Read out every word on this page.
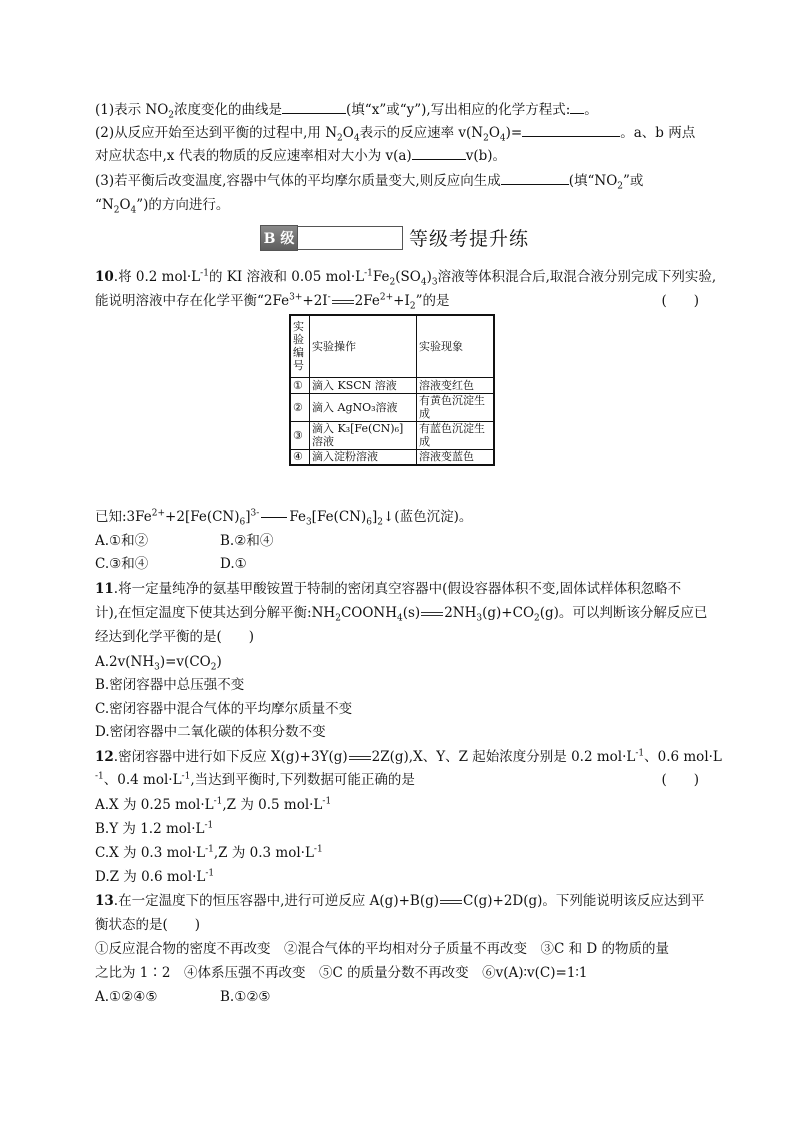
(1)表示 $NO_2$浓度变化的曲线是	(填“x”或“y”),写出相应的化学方程式: 。
(2)从反应开始至达到平衡的过程中,用 $N_2O_4$表示的反应速率 $v(N_2O_4)=$	。a、b 两点
对应状态中,x 代表的物质的反应速率相对大小为 v(a)	v(b)。
(3)若平衡后改变温度,容器中气体的平均摩尔质量变大,则反应向生成	(填“$NO_2$”或
“$N_2O_4$”)的方向进行。
B 级	等级考提升练
10.将 0.2 $mol\cdot L^{-1}$的 KI 溶液和 0.05 $mol\cdot L^{-1}Fe_2(SO_4)_3$溶液等体积混合后,取混合液分别完成下列实验,
能说明溶液中存在化学平衡“$2Fe^{3+}+2I^-$ $2Fe^{2+}+I_2$”的是	(　　)
实验编号	实验操作	实验现象
①	滴入 KSCN 溶液	溶液变红色
②	滴入 AgNO₃溶液	有黄色沉淀生成
③	滴入 K₃[Fe(CN)₆]溶液	有蓝色沉淀生成
④	滴入淀粉溶液	溶液变蓝色
已知$:3Fe^{2+}+2[Fe(CN)_6]^{3-}$ $Fe_3[Fe(CN)_6]_2↓$(蓝色沉淀)。
A.①和②	B.②和④
C.③和④	D.①
11.将一定量纯净的氨基甲酸铵置于特制的密闭真空容器中(假设容器体积不变,固体试样体积忽略不
计),在恒定温度下使其达到分解平衡$:NH_2COONH_4(s)$ $2NH_3(g)+CO_2(g)$。可以判断该分解反应已
经达到化学平衡的是(　　)
$A.2v(NH_3)=v(CO_2)$
B.密闭容器中总压强不变
C.密闭容器中混合气体的平均摩尔质量不变
D.密闭容器中二氧化碳的体积分数不变
12.密闭容器中进行如下反应 X(g)+3Y(g) 2Z(g),X、Y、Z 起始浓度分别是 0.2 $mol\cdot L^{-1}$、0.6 mol·L
$^{-1}$、0.4 $mol\cdot L^{-1}$,当达到平衡时,下列数据可能正确的是	(　　)
A.X 为 0.25 $mol\cdot L^{-1},Z$ 为 0.5 $mol\cdot L^{-1}$
B.Y 为 1.2 $mol\cdot L^{-1}$
C.X 为 0.3 $mol\cdot L^{-1},Z$ 为 0.3 $mol\cdot L^{-1}$
D.Z 为 0.6 $mol\cdot L^{-1}$
13.在一定温度下的恒压容器中,进行可逆反应 A(g)+B(g) C(g)+2D(g)。下列能说明该反应达到平
衡状态的是(　　)
①反应混合物的密度不再改变　②混合气体的平均相对分子质量不再改变　③C 和 D 的物质的量
之比为 1∶2　④体系压强不再改变　⑤C 的质量分数不再改变　⑥v(A)∶v(C)=1∶1
A.①②④⑤	B.①②⑤
